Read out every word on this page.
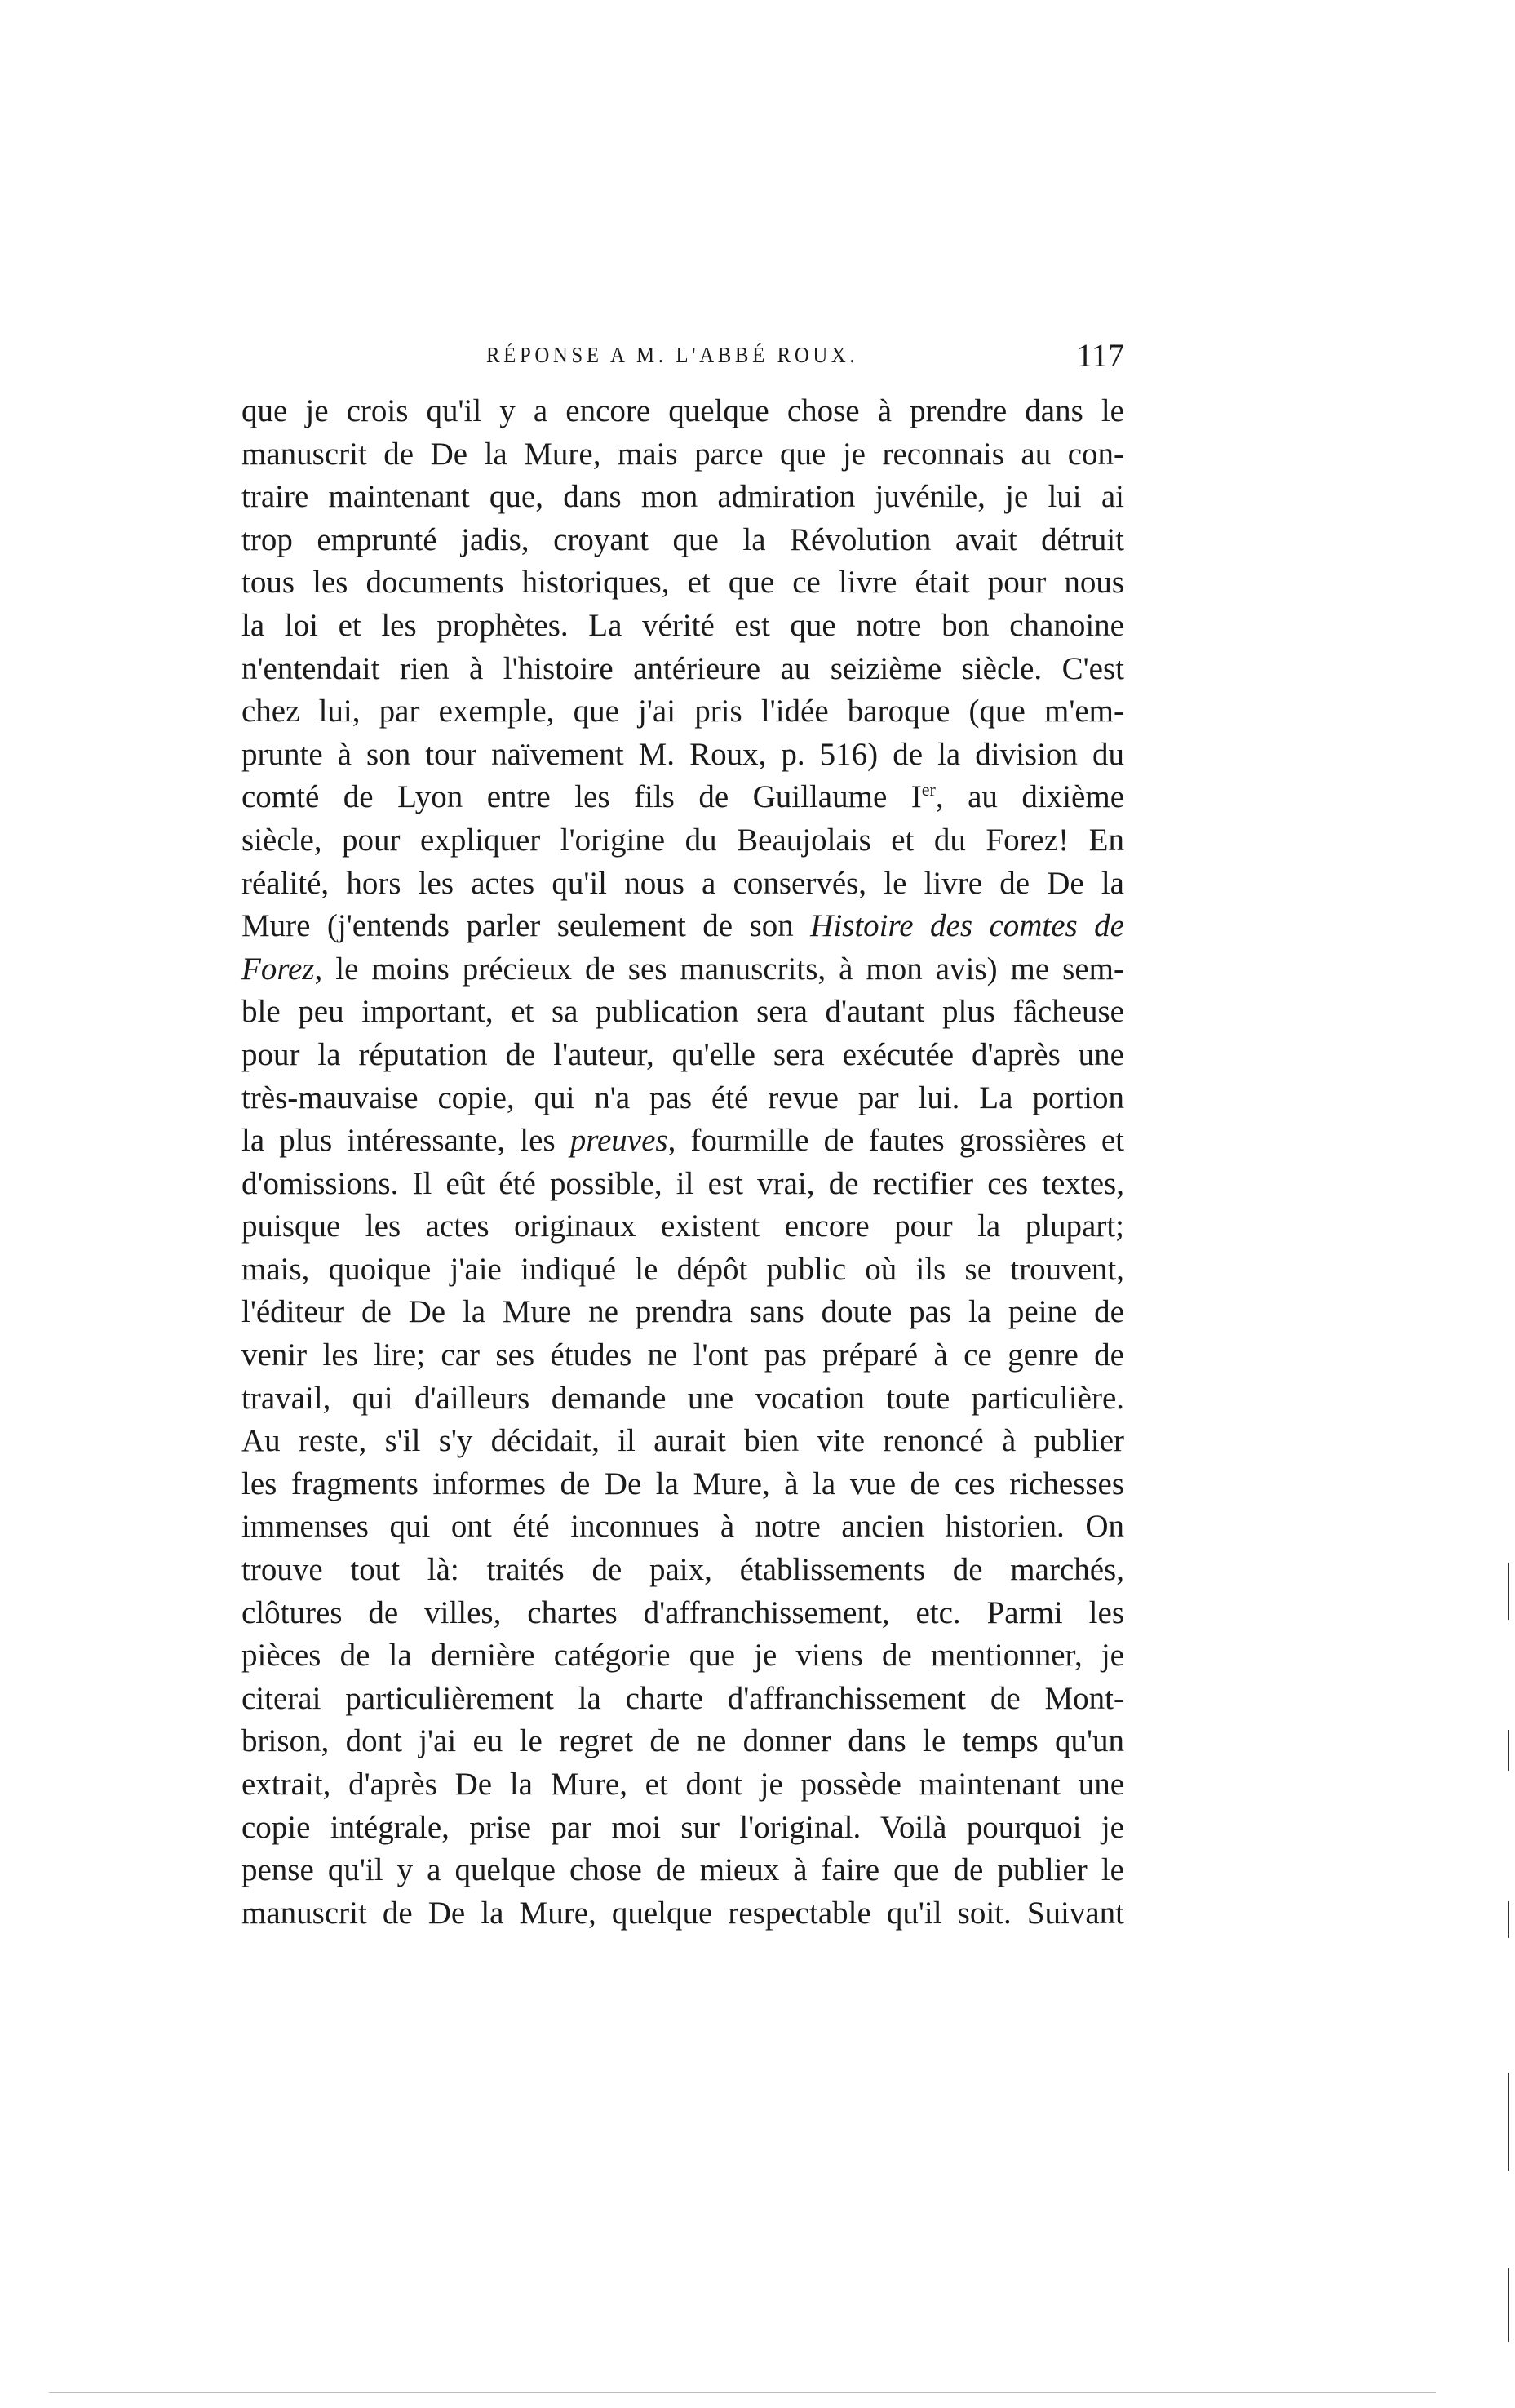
RÉPONSE A M. L'ABBÉ ROUX.	117
que je crois qu'il y a encore quelque chose à prendre dans le
manuscrit de De la Mure, mais parce que je reconnais au con-
traire maintenant que, dans mon admiration juvénile, je lui ai
trop emprunté jadis, croyant que la Révolution avait détruit
tous les documents historiques, et que ce livre était pour nous
la loi et les prophètes. La vérité est que notre bon chanoine
n'entendait rien à l'histoire antérieure au seizième siècle. C'est
chez lui, par exemple, que j'ai pris l'idée baroque (que m'em-
prunte à son tour naïvement M. Roux, p. 516) de la division du
comté de Lyon entre les fils de Guillaume Ier, au dixième
siècle, pour expliquer l'origine du Beaujolais et du Forez! En
réalité, hors les actes qu'il nous a conservés, le livre de De la
Mure (j'entends parler seulement de son Histoire des comtes de
Forez, le moins précieux de ses manuscrits, à mon avis) me sem-
ble peu important, et sa publication sera d'autant plus fâcheuse
pour la réputation de l'auteur, qu'elle sera exécutée d'après une
très-mauvaise copie, qui n'a pas été revue par lui. La portion
la plus intéressante, les preuves, fourmille de fautes grossières et
d'omissions. Il eût été possible, il est vrai, de rectifier ces textes,
puisque les actes originaux existent encore pour la plupart;
mais, quoique j'aie indiqué le dépôt public où ils se trouvent,
l'éditeur de De la Mure ne prendra sans doute pas la peine de
venir les lire; car ses études ne l'ont pas préparé à ce genre de
travail, qui d'ailleurs demande une vocation toute particulière.
Au reste, s'il s'y décidait, il aurait bien vite renoncé à publier
les fragments informes de De la Mure, à la vue de ces richesses
immenses qui ont été inconnues à notre ancien historien. On
trouve tout là: traités de paix, établissements de marchés,
clôtures de villes, chartes d'affranchissement, etc. Parmi les
pièces de la dernière catégorie que je viens de mentionner, je
citerai particulièrement la charte d'affranchissement de Mont-
brison, dont j'ai eu le regret de ne donner dans le temps qu'un
extrait, d'après De la Mure, et dont je possède maintenant une
copie intégrale, prise par moi sur l'original. Voilà pourquoi je
pense qu'il y a quelque chose de mieux à faire que de publier le
manuscrit de De la Mure, quelque respectable qu'il soit. Suivant
